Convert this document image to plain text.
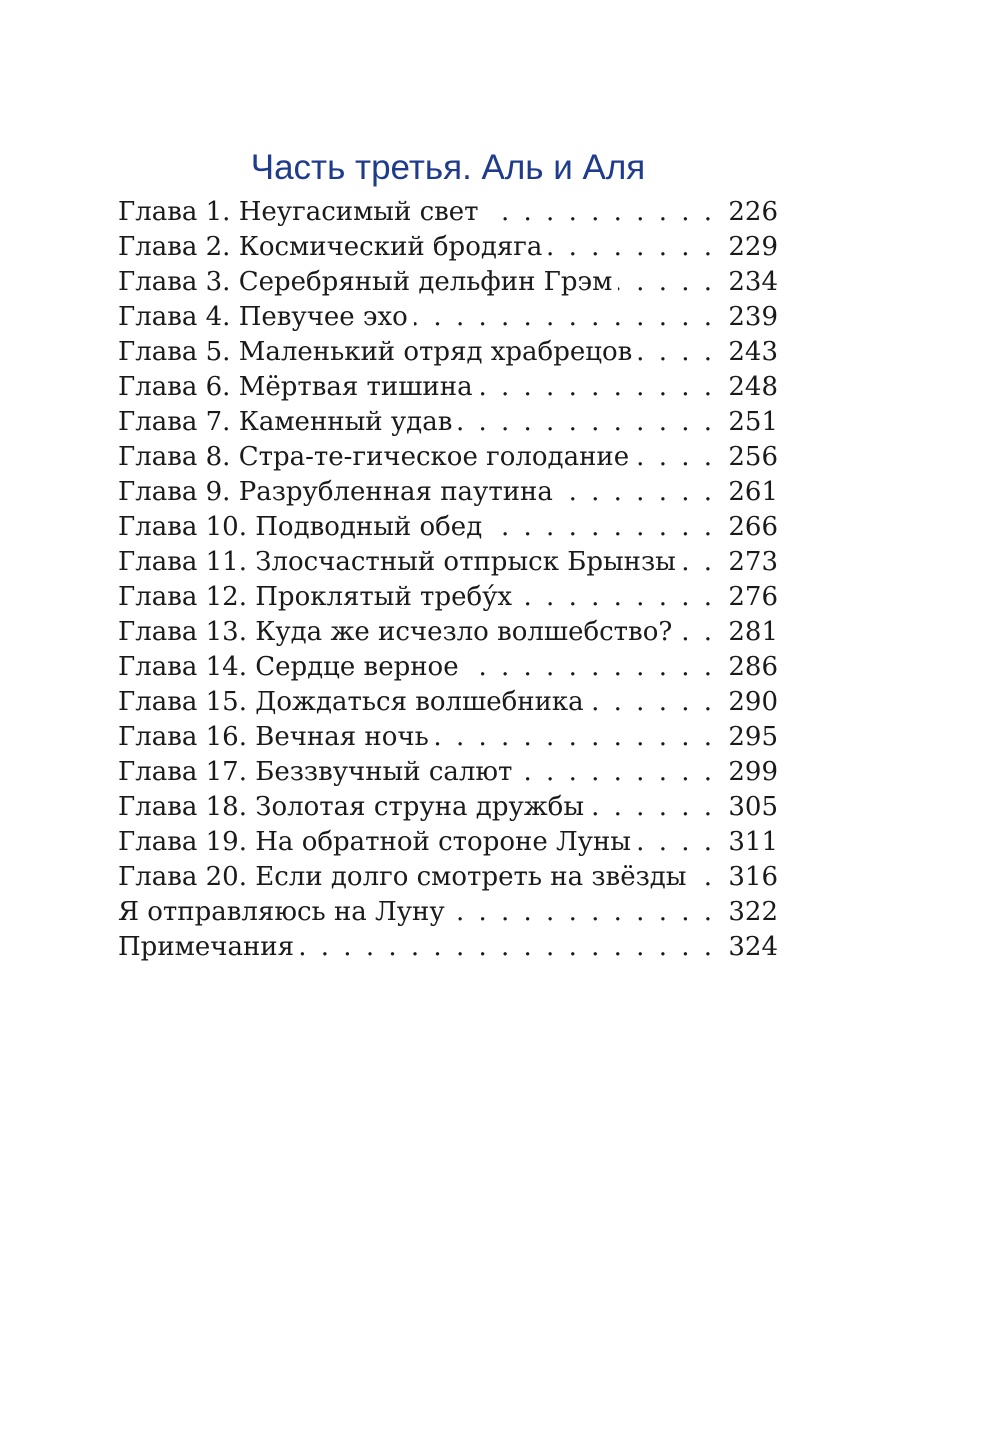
Часть третья. Аль и Аля
. . .
Глава 1. Неугасимый свет	226
. . .
Глава 2. Космический бродяга	229
. . .
Глава 3. Серебряный дельфин Грэм	234
. . .
Глава 4. Певучее эхо	239
. . .
Глава 5. Маленький отряд храбрецов	243
. . .
Глава 6. Мёртвая тишина	248
. . .
Глава 7. Каменный удав	251
. . .
Глава 8. Стра-те-гическое голодание	256
. . .
Глава 9. Разрубленная паутина	261
. . .
Глава 10. Подводный обед	266
. . .
Глава 11. Злосчастный отпрыск Брынзы 273
. . .
Глава 12. Проклятый требу́х	276
. . .
Глава 13. Куда же исчезло волшебство? 281
. . .
Глава 14. Сердце верное	286
. . .
Глава 15. Дождаться волшебника	290
. . .
Глава 16. Вечная ночь	295
. . .
Глава 17. Беззвучный салют	299
. . .
Глава 18. Золотая струна дружбы	305
. . .
Глава 19. На обратной стороне Луны	311
. . .
Глава 20. Если долго смотреть на звёзды 316
. . .
Я отправляюсь на Луну	322
. . .
Примечания	324
